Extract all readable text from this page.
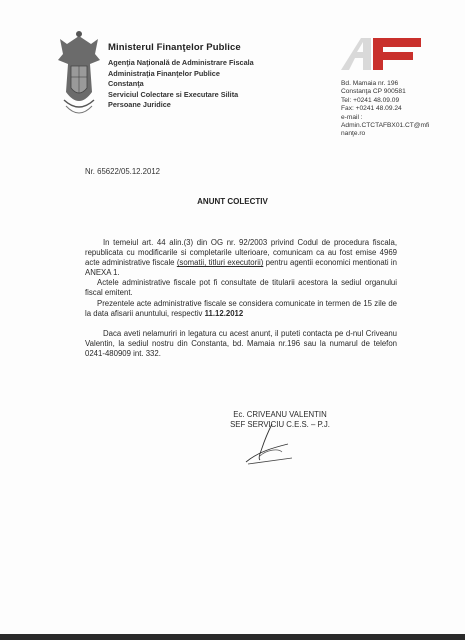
Ministerul Finanţelor Publice
Agenţia Naţională de Administrare Fiscala
Administraţia Finanţelor Publice
Constanţa
Serviciul Colectare si Executare Silita
Persoane Juridice
Bd. Mamaia nr. 196
Constanţa CP 900581
Tel: +0241 48.09.09
Fax: +0241 48.09.24
e-mail :
Admin.CTCTAFBX01.CT@mfi
nanţe.ro
Nr. 65622/05.12.2012
ANUNT COLECTIV

In temeiul art. 44 alin.(3) din OG nr. 92/2003 privind Codul de procedura fiscala, republicata cu modificarile si completarile ulterioare, comunicam ca au fost emise 4969 acte administrative fiscale (somatii, titluri executorii) pentru agentii economici mentionati in ANEXA 1.

Actele administrative fiscale pot fi consultate de titularii acestora la sediul organului fiscal emitent.

Prezentele acte administrative fiscale se considera comunicate in termen de 15 zile de la data afisarii anuntului, respectiv 11.12.2012

Daca aveti nelamuriri in legatura cu acest anunt, il puteti contacta pe d-nul Criveanu Valentin, la sediul nostru din Constanta, bd. Mamaia nr.196 sau la numarul de telefon 0241-480909 int. 332.

Ec. CRIVEANU VALENTIN
SEF SERVICIU C.E.S. – P.J.
